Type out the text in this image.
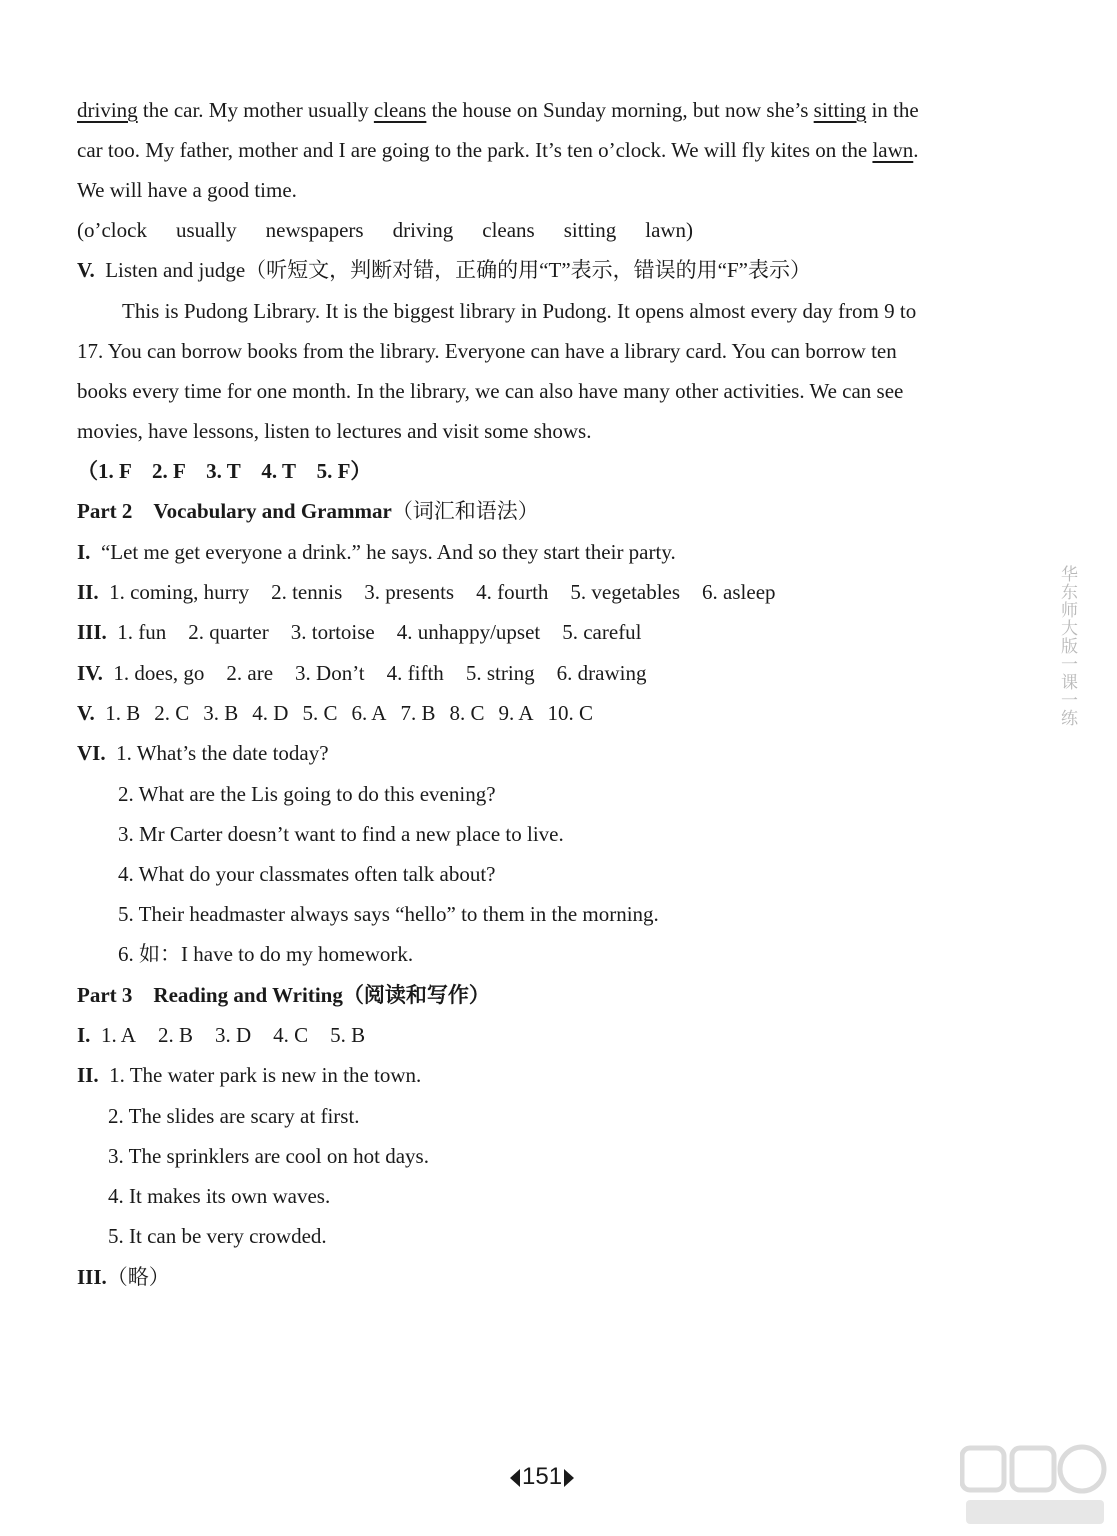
driving the car. My mother usually cleans the house on Sunday morning, but now she’s sitting in the
car too. My father, mother and I are going to the park. It’s ten o’clock. We will fly kites on the lawn.
We will have a good time.
(o’clock    usually    newspapers    driving    cleans    sitting    lawn)
V. Listen and judge（听短文，判断对错，正确的用“T”表示，错误的用“F”表示）
This is Pudong Library. It is the biggest library in Pudong. It opens almost every day from 9 to
17. You can borrow books from the library. Everyone can have a library card. You can borrow ten
books every time for one month. In the library, we can also have many other activities. We can see
movies, have lessons, listen to lectures and visit some shows.
（1. F    2. F    3. T    4. T    5. F）
Part 2 Vocabulary and Grammar（词汇和语法）
I. “Let me get everyone a drink.” he says. And so they start their party.
II. 1. coming, hurry 2. tennis 3. presents 4. fourth 5. vegetables 6. asleep
III. 1. fun 2. quarter 3. tortoise 4. unhappy/upset 5. careful
IV. 1. does, go 2. are 3. Don’t 4. fifth 5. string 6. drawing
V. 1. B 2. C 3. B 4. D 5. C 6. A 7. B 8. C 9. A 10. C
VI. 1. What’s the date today?
2. What are the Lis going to do this evening?
3. Mr Carter doesn’t want to find a new place to live.
4. What do your classmates often talk about?
5. Their headmaster always says “hello” to them in the morning.
6. 如：I have to do my homework.
Part 3 Reading and Writing（阅读和写作）
I. 1. A 2. B 3. D 4. C 5. B
II. 1. The water park is new in the town.
2. The slides are scary at first.
3. The sprinklers are cool on hot days.
4. It makes its own waves.
5. It can be very crowded.
III.（略）
华东师大版一课一练
151
